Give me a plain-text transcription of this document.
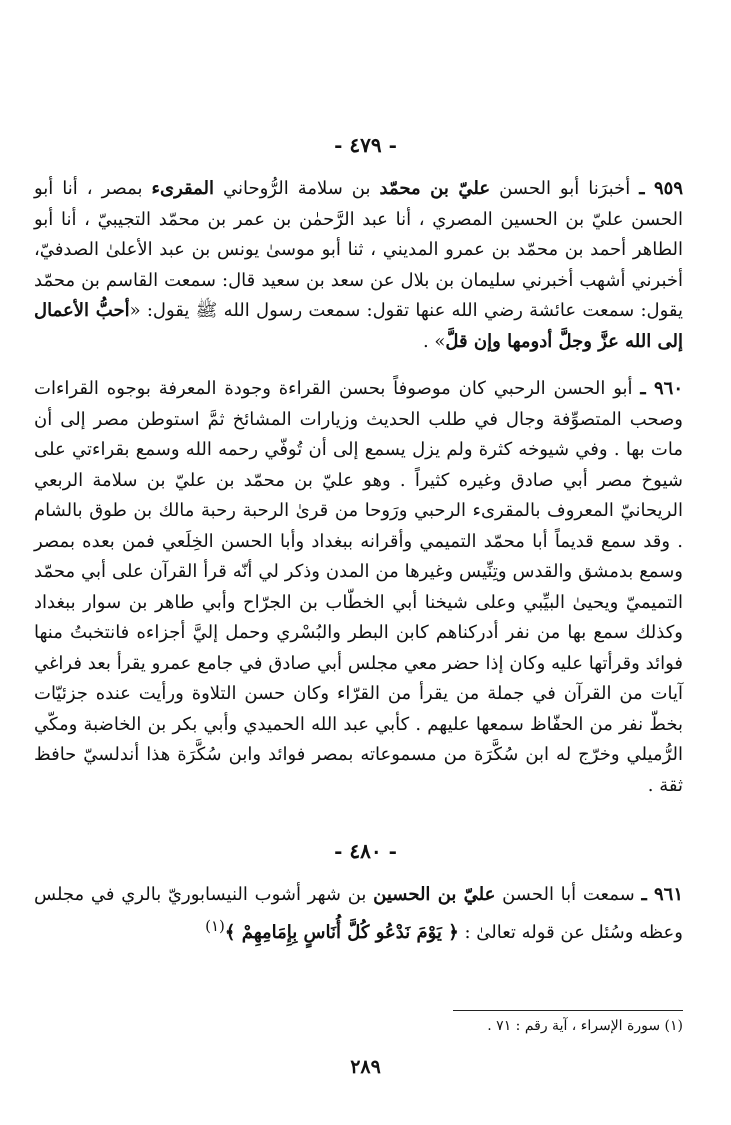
- ٤٧٩ -
٩٥٩ ـ أخبرَنا أبو الحسن عليّ بن محمّد بن سلامة الرُّوحاني المقرىء بمصر ، أنا أبو الحسن عليّ بن الحسين المصري ، أنا عبد الرَّحمٰن بن عمر بن محمّد التجيبيّ ، أنا أبو الطاهر أحمد بن محمّد بن عمرو المديني ، ثنا أبو موسىٰ يونس بن عبد الأعلىٰ الصدفيّ، أخبرني أشهب أخبرني سليمان بن بلال عن سعد بن سعيد قال: سمعت القاسم بن محمّد يقول: سمعت عائشة رضي الله عنها تقول: سمعت رسول الله ﷺ يقول: «أحبُّ الأعمال إلى الله عزَّ وجلَّ أدومها وإن قلَّ» .
٩٦٠ ـ أبو الحسن الرحبي كان موصوفاً بحسن القراءة وجودة المعرفة بوجوه القراءات وصحب المتصوِّفة وجال في طلب الحديث وزيارات المشائخ ثمَّ استوطن مصر إلى أن مات بها . وفي شيوخه كثرة ولم يزل يسمع إلى أن تُوفّي رحمه الله وسمع بقراءتي على شيوخ مصر أبي صادق وغيره كثيراً . وهو عليّ بن محمّد بن عليّ بن سلامة الربعي الريحانيّ المعروف بالمقرىء الرحبي ورَوحا من قرىٰ الرحبة رحبة مالك بن طوق بالشام . وقد سمع قديماً أبا محمّد التميمي وأقرانه ببغداد وأبا الحسن الخِلَعي فمن بعده بمصر وسمع بدمشق والقدس وتِنِّيس وغيرها من المدن وذكر لي أنّه قرأ القرآن على أبي محمّد التميميّ ويحيىٰ البيِّبي وعلى شيخنا أبي الخطّاب بن الجرّاح وأبي طاهر بن سوار ببغداد وكذلك سمع بها من نفر أدركناهم كابن البطر والبُسْري وحمل إليَّ أجزاءه فانتخبتُ منها فوائد وقرأتها عليه وكان إذا حضر معي مجلس أبي صادق في جامع عمرو يقرأ بعد فراغي آيات من القرآن في جملة من يقرأ من القرّاء وكان حسن التلاوة ورأيت عنده جزئيّات بخطّ نفر من الحفّاظ سمعها عليهم . كأبي عبد الله الحميدي وأبي بكر بن الخاضبة ومكّي الرُّميلي وخرّج له ابن سُكَّرَة من مسموعاته بمصر فوائد وابن سُكَّرَة هذا أندلسيّ حافظ ثقة .
- ٤٨٠ -
٩٦١ ـ سمعت أبا الحسن عليّ بن الحسين بن شهر أشوب النيسابوريّ بالري في مجلس وعظه وسُئل عن قوله تعالىٰ : ﴿ يَوْمَ نَدْعُو كُلَّ أُنَاسٍ بِإِمَامِهِمْ ﴾$^{(١)}$
(١) سورة الإسراء ، آية رقم : ٧١ .
٢٨٩
